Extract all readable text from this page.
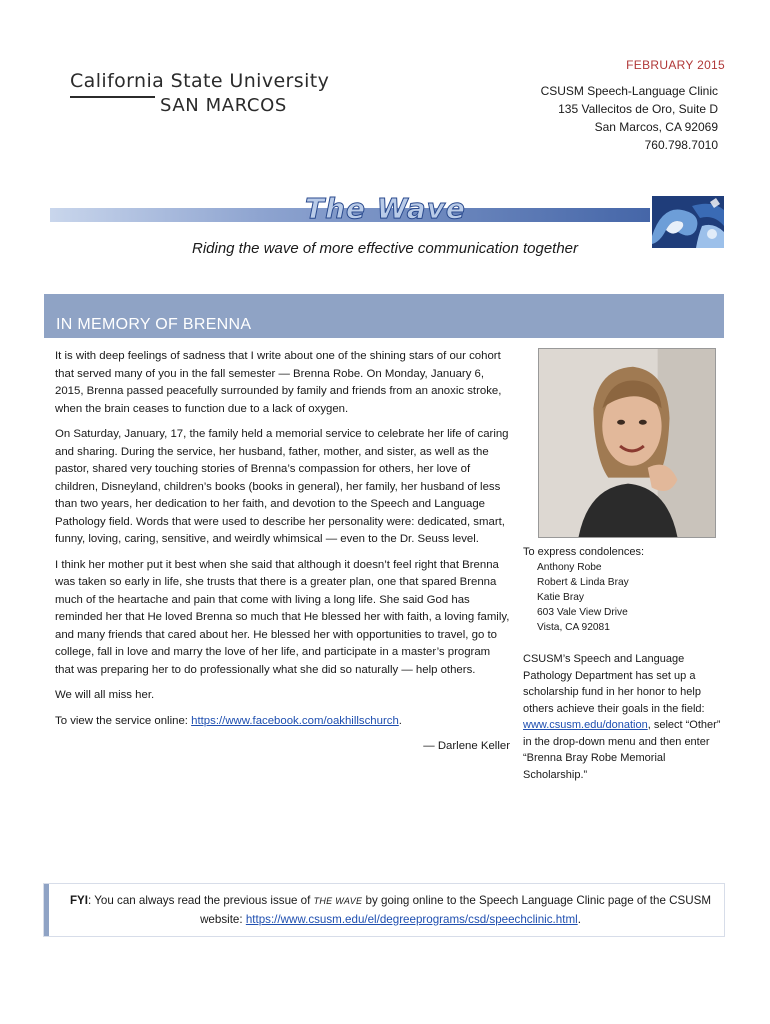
FEBRUARY 2015
California State University
SAN MARCOS
CSUSM Speech-Language Clinic
135 Vallecitos de Oro, Suite D
San Marcos, CA 92069
760.798.7010
The Wave
Riding the wave of more effective communication together
IN MEMORY OF BRENNA

It is with deep feelings of sadness that I write about one of the shining stars of our cohort that served many of you in the fall semester — Brenna Robe. On Monday, January 6, 2015, Brenna passed peacefully surrounded by family and friends from an anoxic stroke, when the brain ceases to function due to a lack of oxygen.

On Saturday, January, 17, the family held a memorial service to celebrate her life of caring and sharing. During the service, her husband, father, mother, and sister, as well as the pastor, shared very touching stories of Brenna’s compassion for others, her love of children, Disneyland, children’s books (books in general), her family, her husband of less than two years, her dedication to her faith, and devotion to the Speech and Language Pathology field. Words that were used to describe her personality were: dedicated, smart, funny, loving, caring, sensitive, and weirdly whimsical — even to the Dr. Seuss level.

I think her mother put it best when she said that although it doesn’t feel right that Brenna was taken so early in life, she trusts that there is a greater plan, one that spared Brenna much of the heartache and pain that come with living a long life. She said God has reminded her that He loved Brenna so much that He blessed her with faith, a loving family, and many friends that cared about her. He blessed her with opportunities to travel, go to college, fall in love and marry the love of her life, and participate in a master’s program that was preparing her to do professionally what she did so naturally — help others.

We will all miss her.

To view the service online: https://www.facebook.com/oakhillschurch.

— Darlene Keller

To express condolences:
Anthony Robe
Robert & Linda Bray
Katie Bray
603 Vale View Drive
Vista, CA 92081
CSUSM’s Speech and Language Pathology Department has set up a scholarship fund in her honor to help others achieve their goals in the field: www.csusm.edu/donation, select “Other” in the drop-down menu and then enter “Brenna Bray Robe Memorial Scholarship.”
FYI: You can always read the previous issue of THE WAVE by going online to the Speech Language Clinic page of the CSUSM website: https://www.csusm.edu/el/degreeprograms/csd/speechclinic.html.
